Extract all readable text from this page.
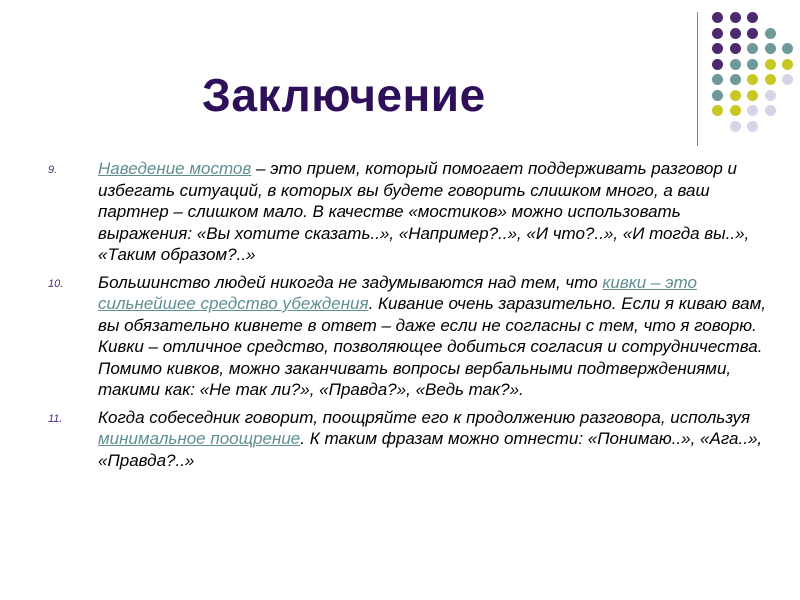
Заключение
9. Наведение мостов – это прием, который помогает поддерживать разговор и избегать ситуаций, в которых вы будете говорить слишком много, а ваш партнер – слишком мало. В качестве «мостиков» можно использовать выражения: «Вы хотите сказать..», «Например?..», «И что?..», «И тогда вы..», «Таким образом?..»
10. Большинство людей никогда не задумываются над тем, что кивки – это сильнейшее средство убеждения. Кивание очень заразительно. Если я киваю вам, вы обязательно кивнете в ответ – даже если не согласны с тем, что я говорю. Кивки – отличное средство, позволяющее добиться согласия и сотрудничества. Помимо кивков, можно заканчивать вопросы вербальными подтверждениями, такими как: «Не так ли?», «Правда?», «Ведь так?».
11. Когда собеседник говорит, поощряйте его к продолжению разговора, используя минимальное поощрение. К таким фразам можно отнести: «Понимаю..», «Ага..», «Правда?..»
